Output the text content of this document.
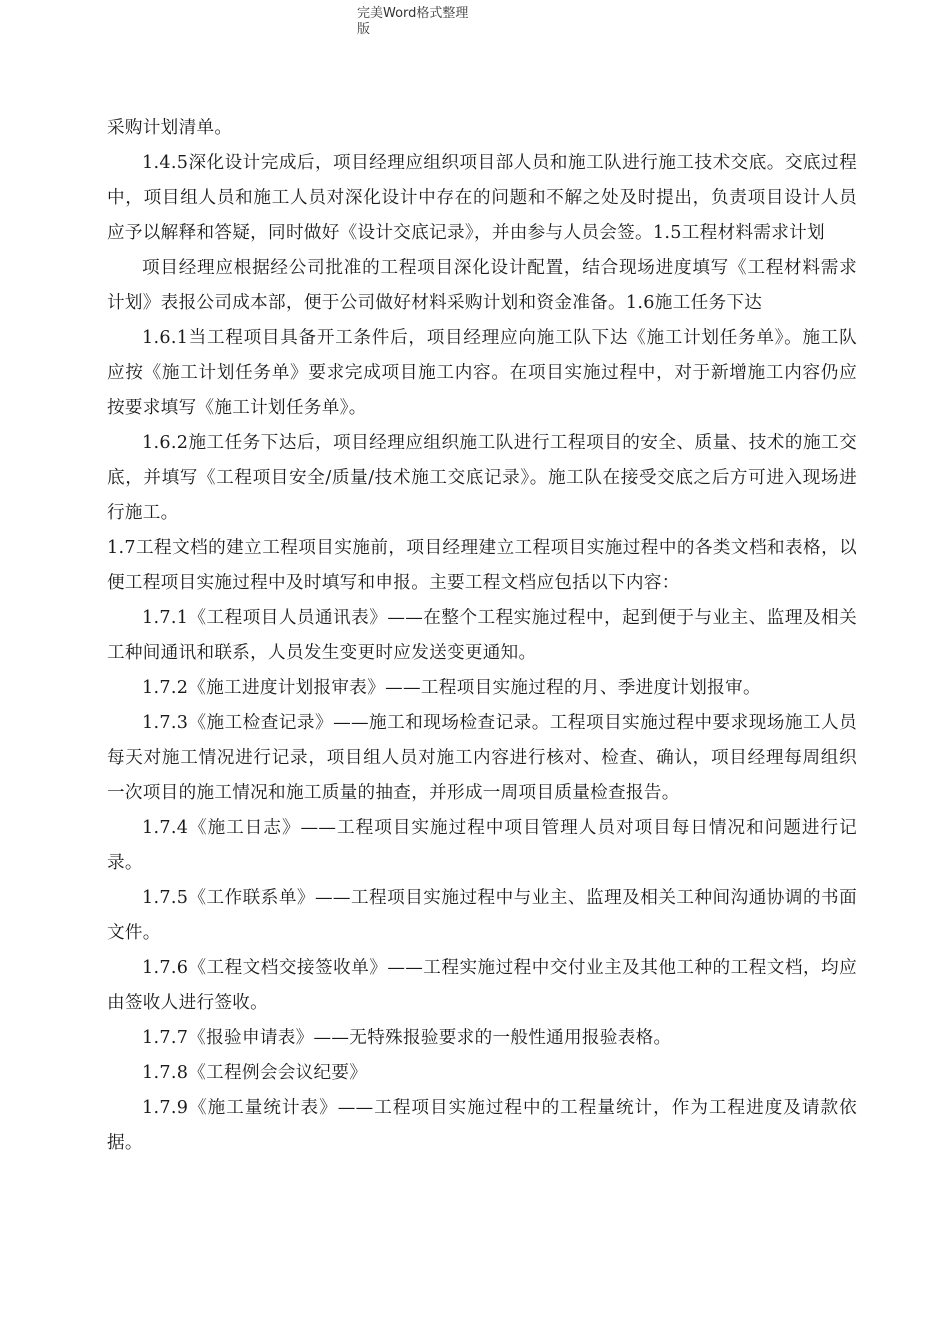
完美Word格式整理
版

采购计划清单。

1.4.5深化设计完成后，项目经理应组织项目部人员和施工队进行施工技术交底。交底过程中，项目组人员和施工人员对深化设计中存在的问题和不解之处及时提出，负责项目设计人员应予以解释和答疑，同时做好《设计交底记录》，并由参与人员会签。1.5工程材料需求计划

项目经理应根据经公司批准的工程项目深化设计配置，结合现场进度填写《工程材料需求计划》表报公司成本部，便于公司做好材料采购计划和资金准备。1.6施工任务下达

1.6.1当工程项目具备开工条件后，项目经理应向施工队下达《施工计划任务单》。施工队应按《施工计划任务单》要求完成项目施工内容。在项目实施过程中，对于新增施工内容仍应按要求填写《施工计划任务单》。

1.6.2施工任务下达后，项目经理应组织施工队进行工程项目的安全、质量、技术的施工交底，并填写《工程项目安全/质量/技术施工交底记录》。施工队在接受交底之后方可进入现场进行施工。

1.7工程文档的建立工程项目实施前，项目经理建立工程项目实施过程中的各类文档和表格，以便工程项目实施过程中及时填写和申报。主要工程文档应包括以下内容：

1.7.1《工程项目人员通讯表》——在整个工程实施过程中，起到便于与业主、监理及相关工种间通讯和联系，人员发生变更时应发送变更通知。

1.7.2《施工进度计划报审表》——工程项目实施过程的月、季进度计划报审。

1.7.3《施工检查记录》——施工和现场检查记录。工程项目实施过程中要求现场施工人员每天对施工情况进行记录，项目组人员对施工内容进行核对、检查、确认，项目经理每周组织一次项目的施工情况和施工质量的抽查，并形成一周项目质量检查报告。

1.7.4《施工日志》——工程项目实施过程中项目管理人员对项目每日情况和问题进行记录。

1.7.5《工作联系单》——工程项目实施过程中与业主、监理及相关工种间沟通协调的书面文件。

1.7.6《工程文档交接签收单》——工程实施过程中交付业主及其他工种的工程文档，均应由签收人进行签收。

1.7.7《报验申请表》——无特殊报验要求的一般性通用报验表格。

1.7.8《工程例会会议纪要》

1.7.9《施工量统计表》——工程项目实施过程中的工程量统计，作为工程进度及请款依据。
